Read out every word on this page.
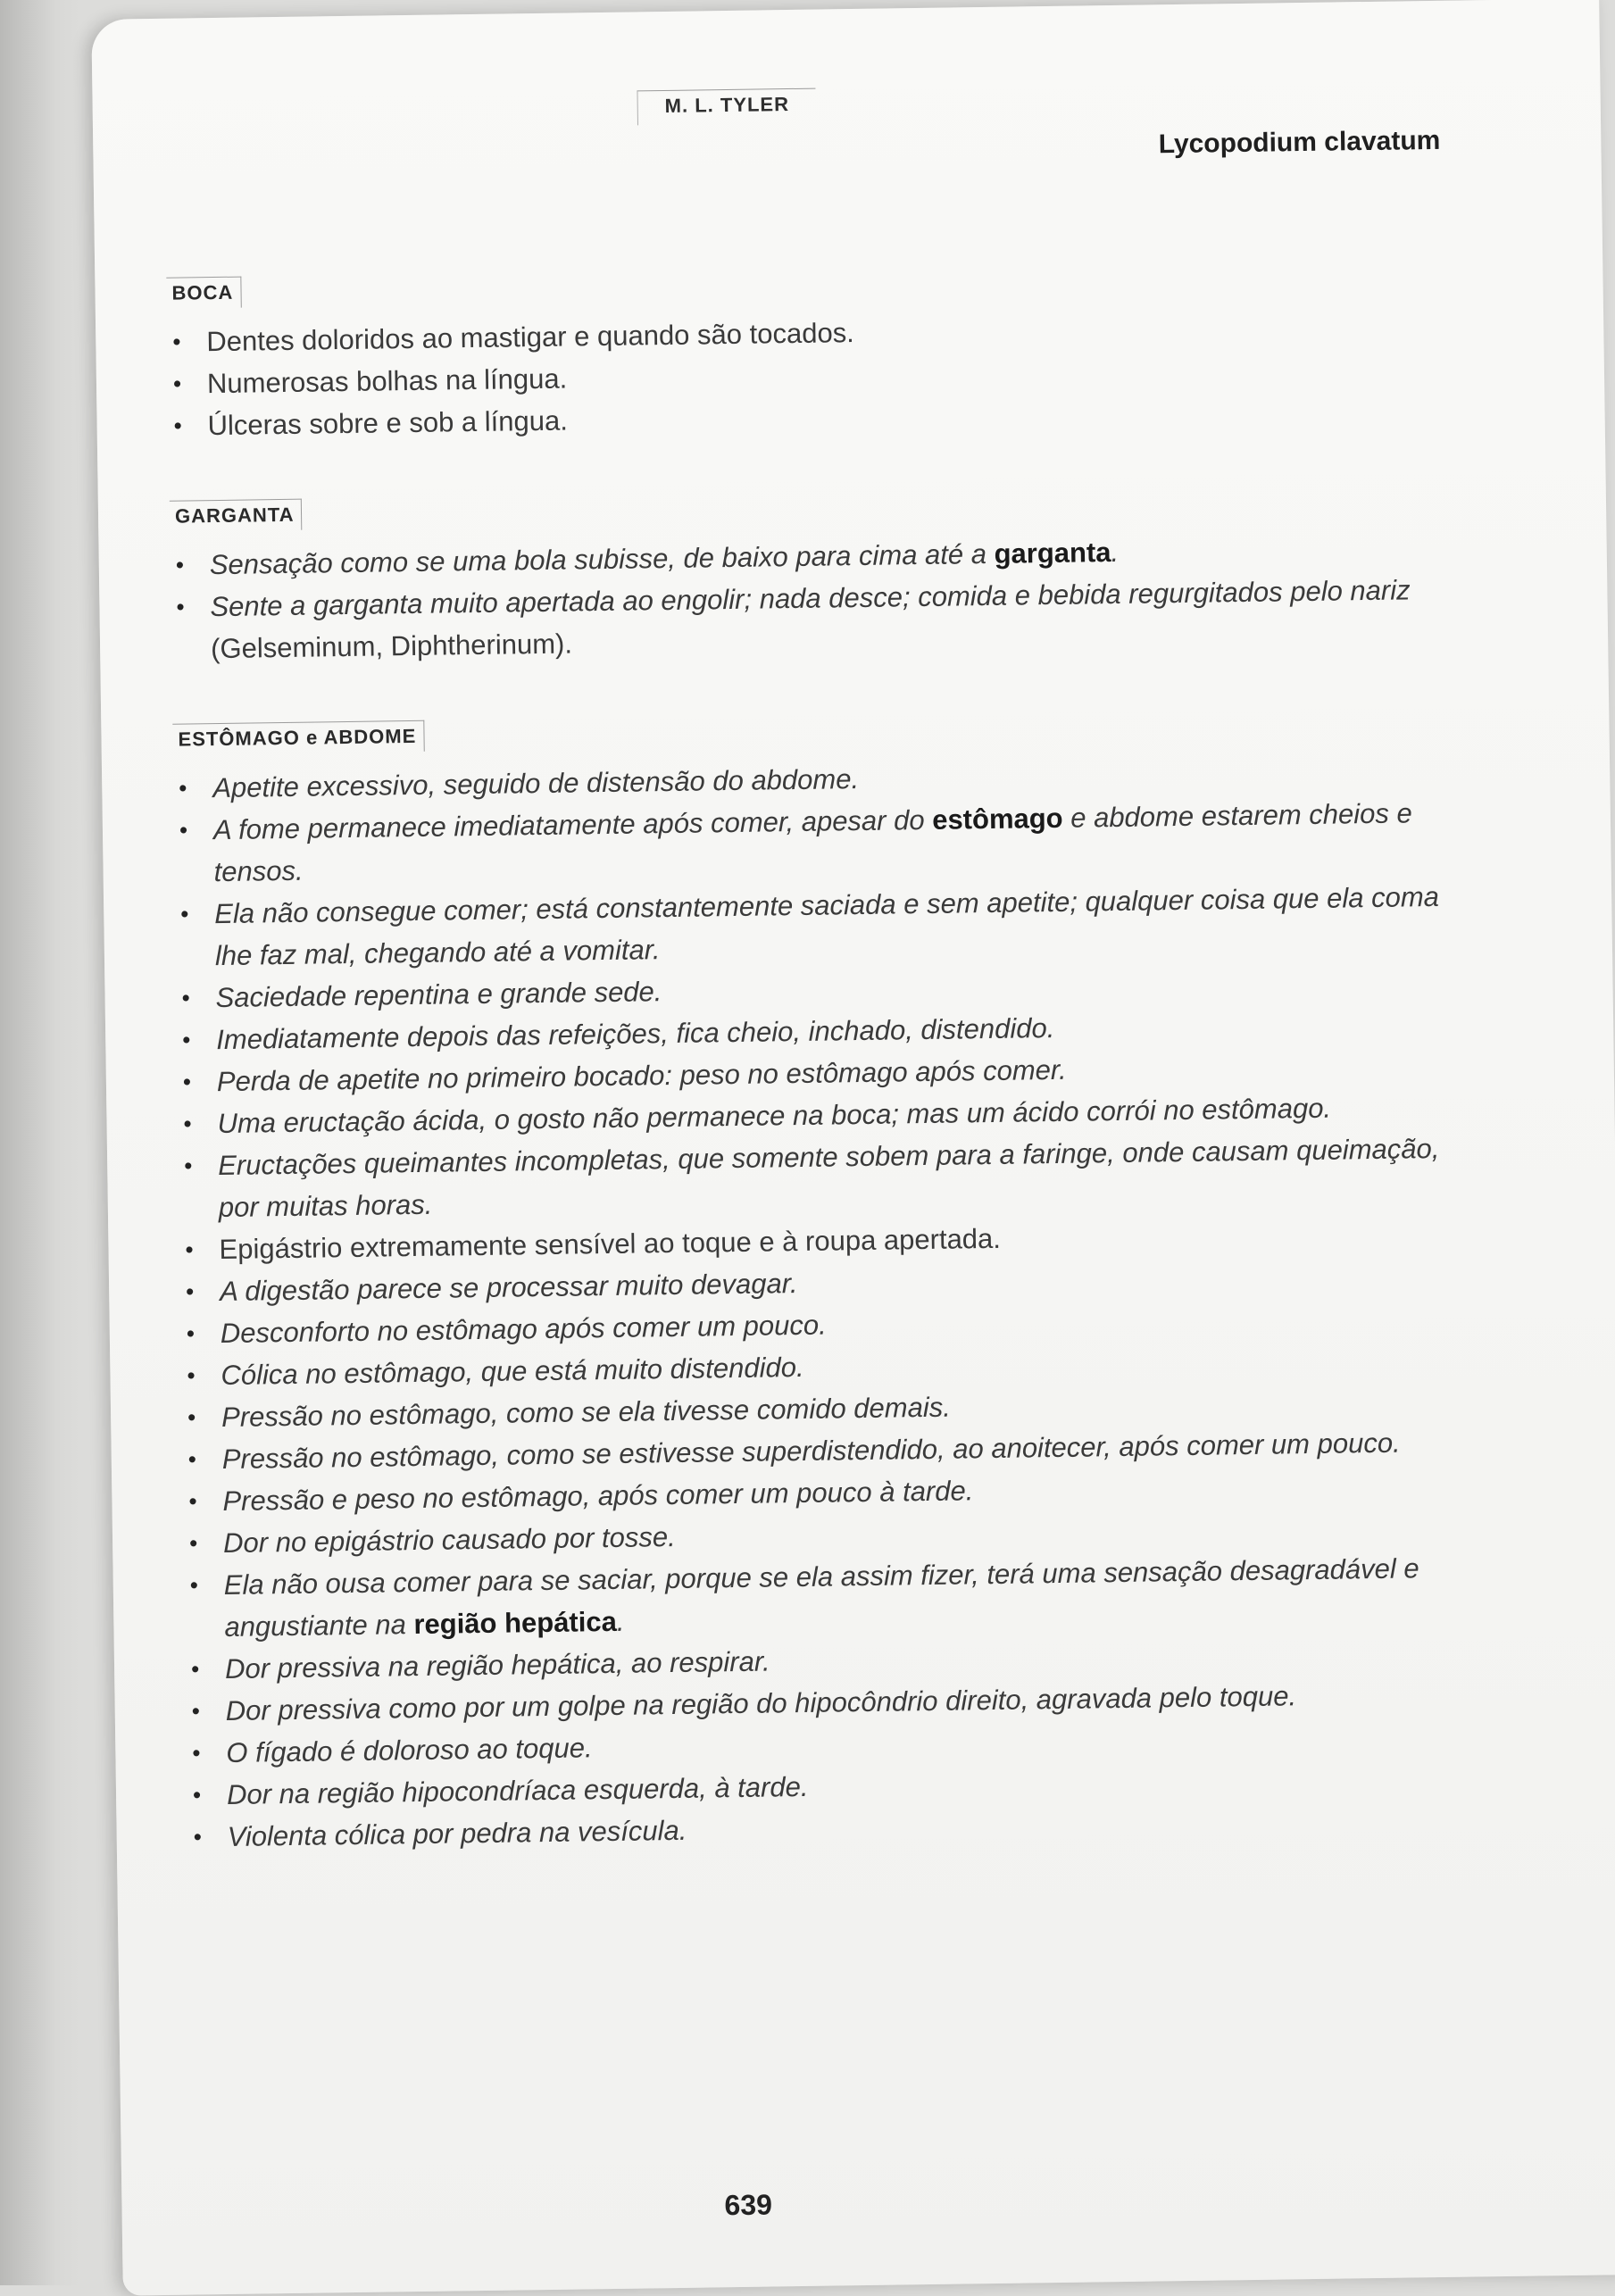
M. L. TYLER
Lycopodium clavatum
BOCA
• Dentes doloridos ao mastigar e quando são tocados.
• Numerosas bolhas na língua.
• Úlceras sobre e sob a língua.
GARGANTA
• Sensação como se uma bola subisse, de baixo para cima até a garganta.
• Sente a garganta muito apertada ao engolir; nada desce; comida e bebida regurgitados pelo nariz (Gelseminum, Diphtherinum).
ESTÔMAGO e ABDOME
• Apetite excessivo, seguido de distensão do abdome.
• A fome permanece imediatamente após comer, apesar do estômago e abdome estarem cheios e tensos.
• Ela não consegue comer; está constantemente saciada e sem apetite; qualquer coisa que ela coma lhe faz mal, chegando até a vomitar.
• Saciedade repentina e grande sede.
• Imediatamente depois das refeições, fica cheio, inchado, distendido.
• Perda de apetite no primeiro bocado: peso no estômago após comer.
• Uma eructação ácida, o gosto não permanece na boca; mas um ácido corrói no estômago.
• Eructações queimantes incompletas, que somente sobem para a faringe, onde causam queimação, por muitas horas.
• Epigástrio extremamente sensível ao toque e à roupa apertada.
• A digestão parece se processar muito devagar.
• Desconforto no estômago após comer um pouco.
• Cólica no estômago, que está muito distendido.
• Pressão no estômago, como se ela tivesse comido demais.
• Pressão no estômago, como se estivesse superdistendido, ao anoitecer, após comer um pouco.
• Pressão e peso no estômago, após comer um pouco à tarde.
• Dor no epigástrio causado por tosse.
• Ela não ousa comer para se saciar, porque se ela assim fizer, terá uma sensação desagradável e angustiante na região hepática.
• Dor pressiva na região hepática, ao respirar.
• Dor pressiva como por um golpe na região do hipocôndrio direito, agravada pelo toque.
• O fígado é doloroso ao toque.
• Dor na região hipocondríaca esquerda, à tarde.
• Violenta cólica por pedra na vesícula.
639
